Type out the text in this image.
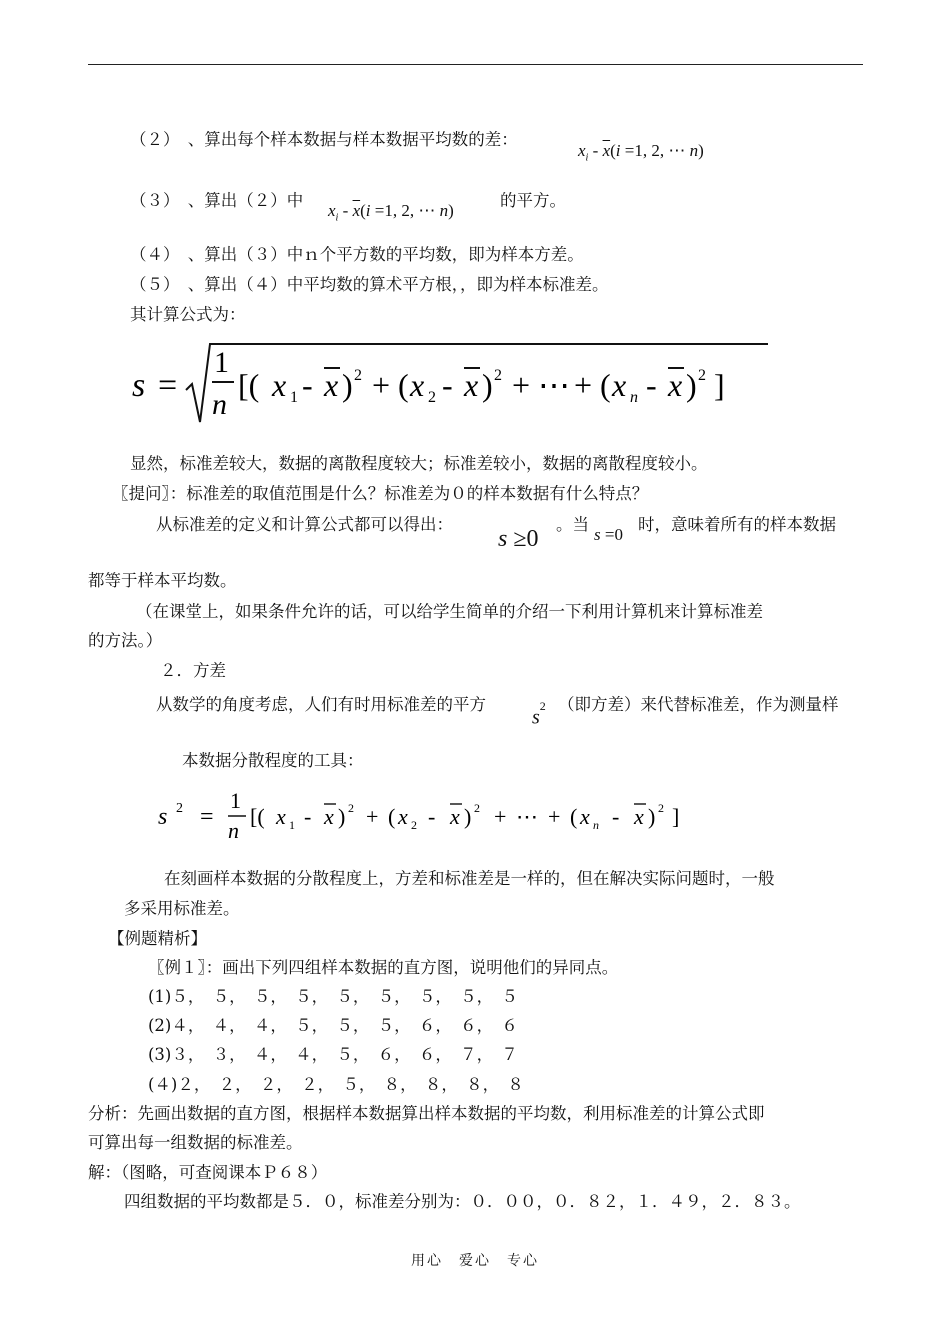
（２）　、算出每个样本数据与样本数据平均数的差：
$x_i - \overline{x}(i =1$, 2, ⋯ n)
（３）　、算出（２）中
$x_i - \overline{x}(i =1$, 2, ⋯ n)
的平方。
（４）　、算出（３）中ｎ个平方数的平均数，即为样本方差。
（５）　、算出（４）中平均数的算术平方根，，即为样本标准差。
其计算公式为：
s =
1
n
[( x 1 - x ) 2 + ( x 2 - x ) 2 + ⋯ + ( x n - x ) 2 ]
显然，标准差较大，数据的离散程度较大；标准差较小，数据的离散程度较小。
〖提问〗：标准差的取值范围是什么？标准差为０的样本数据有什么特点？
从标准差的定义和计算公式都可以得出：
s ≥0
。当
s =0
时，意味着所有的样本数据
都等于样本平均数。
（在课堂上，如果条件允许的话，可以给学生简单的介绍一下利用计算机来计算标准差
的方法。）
２．方差
从数学的角度考虑，人们有时用标准差的平方
$s^2$ （即方差）来代替标准差，作为测量样
本数据分散程度的工具：
s 2 =
1
n
[( x 1 - x ) 2 + ( x 2 - x ) 2 + ⋯ + ( x n - x ) 2 ]
在刻画样本数据的分散程度上，方差和标准差是一样的，但在解决实际问题时，一般
多采用标准差。
【例题精析】
〖例１〗：画出下列四组样本数据的直方图，说明他们的异同点。
(1)５，　５，　５，　５，　５，　５，　５，　５，　５
(2)４，　４，　４，　５，　５，　５，　６，　６，　６
(3)３，　３，　４，　４，　５，　６，　６，　７，　７
(４)２，　２，　２，　２，　５，　８，　８，　８，　８
分析：先画出数据的直方图，根据样本数据算出样本数据的平均数，利用标准差的计算公式即
可算出每一组数据的标准差。
解：（图略，可查阅课本Ｐ６８）
四组数据的平均数都是５．０，标准差分别为：０．００，０．８２，１．４９，２．８３。
用心　爱心　专心
